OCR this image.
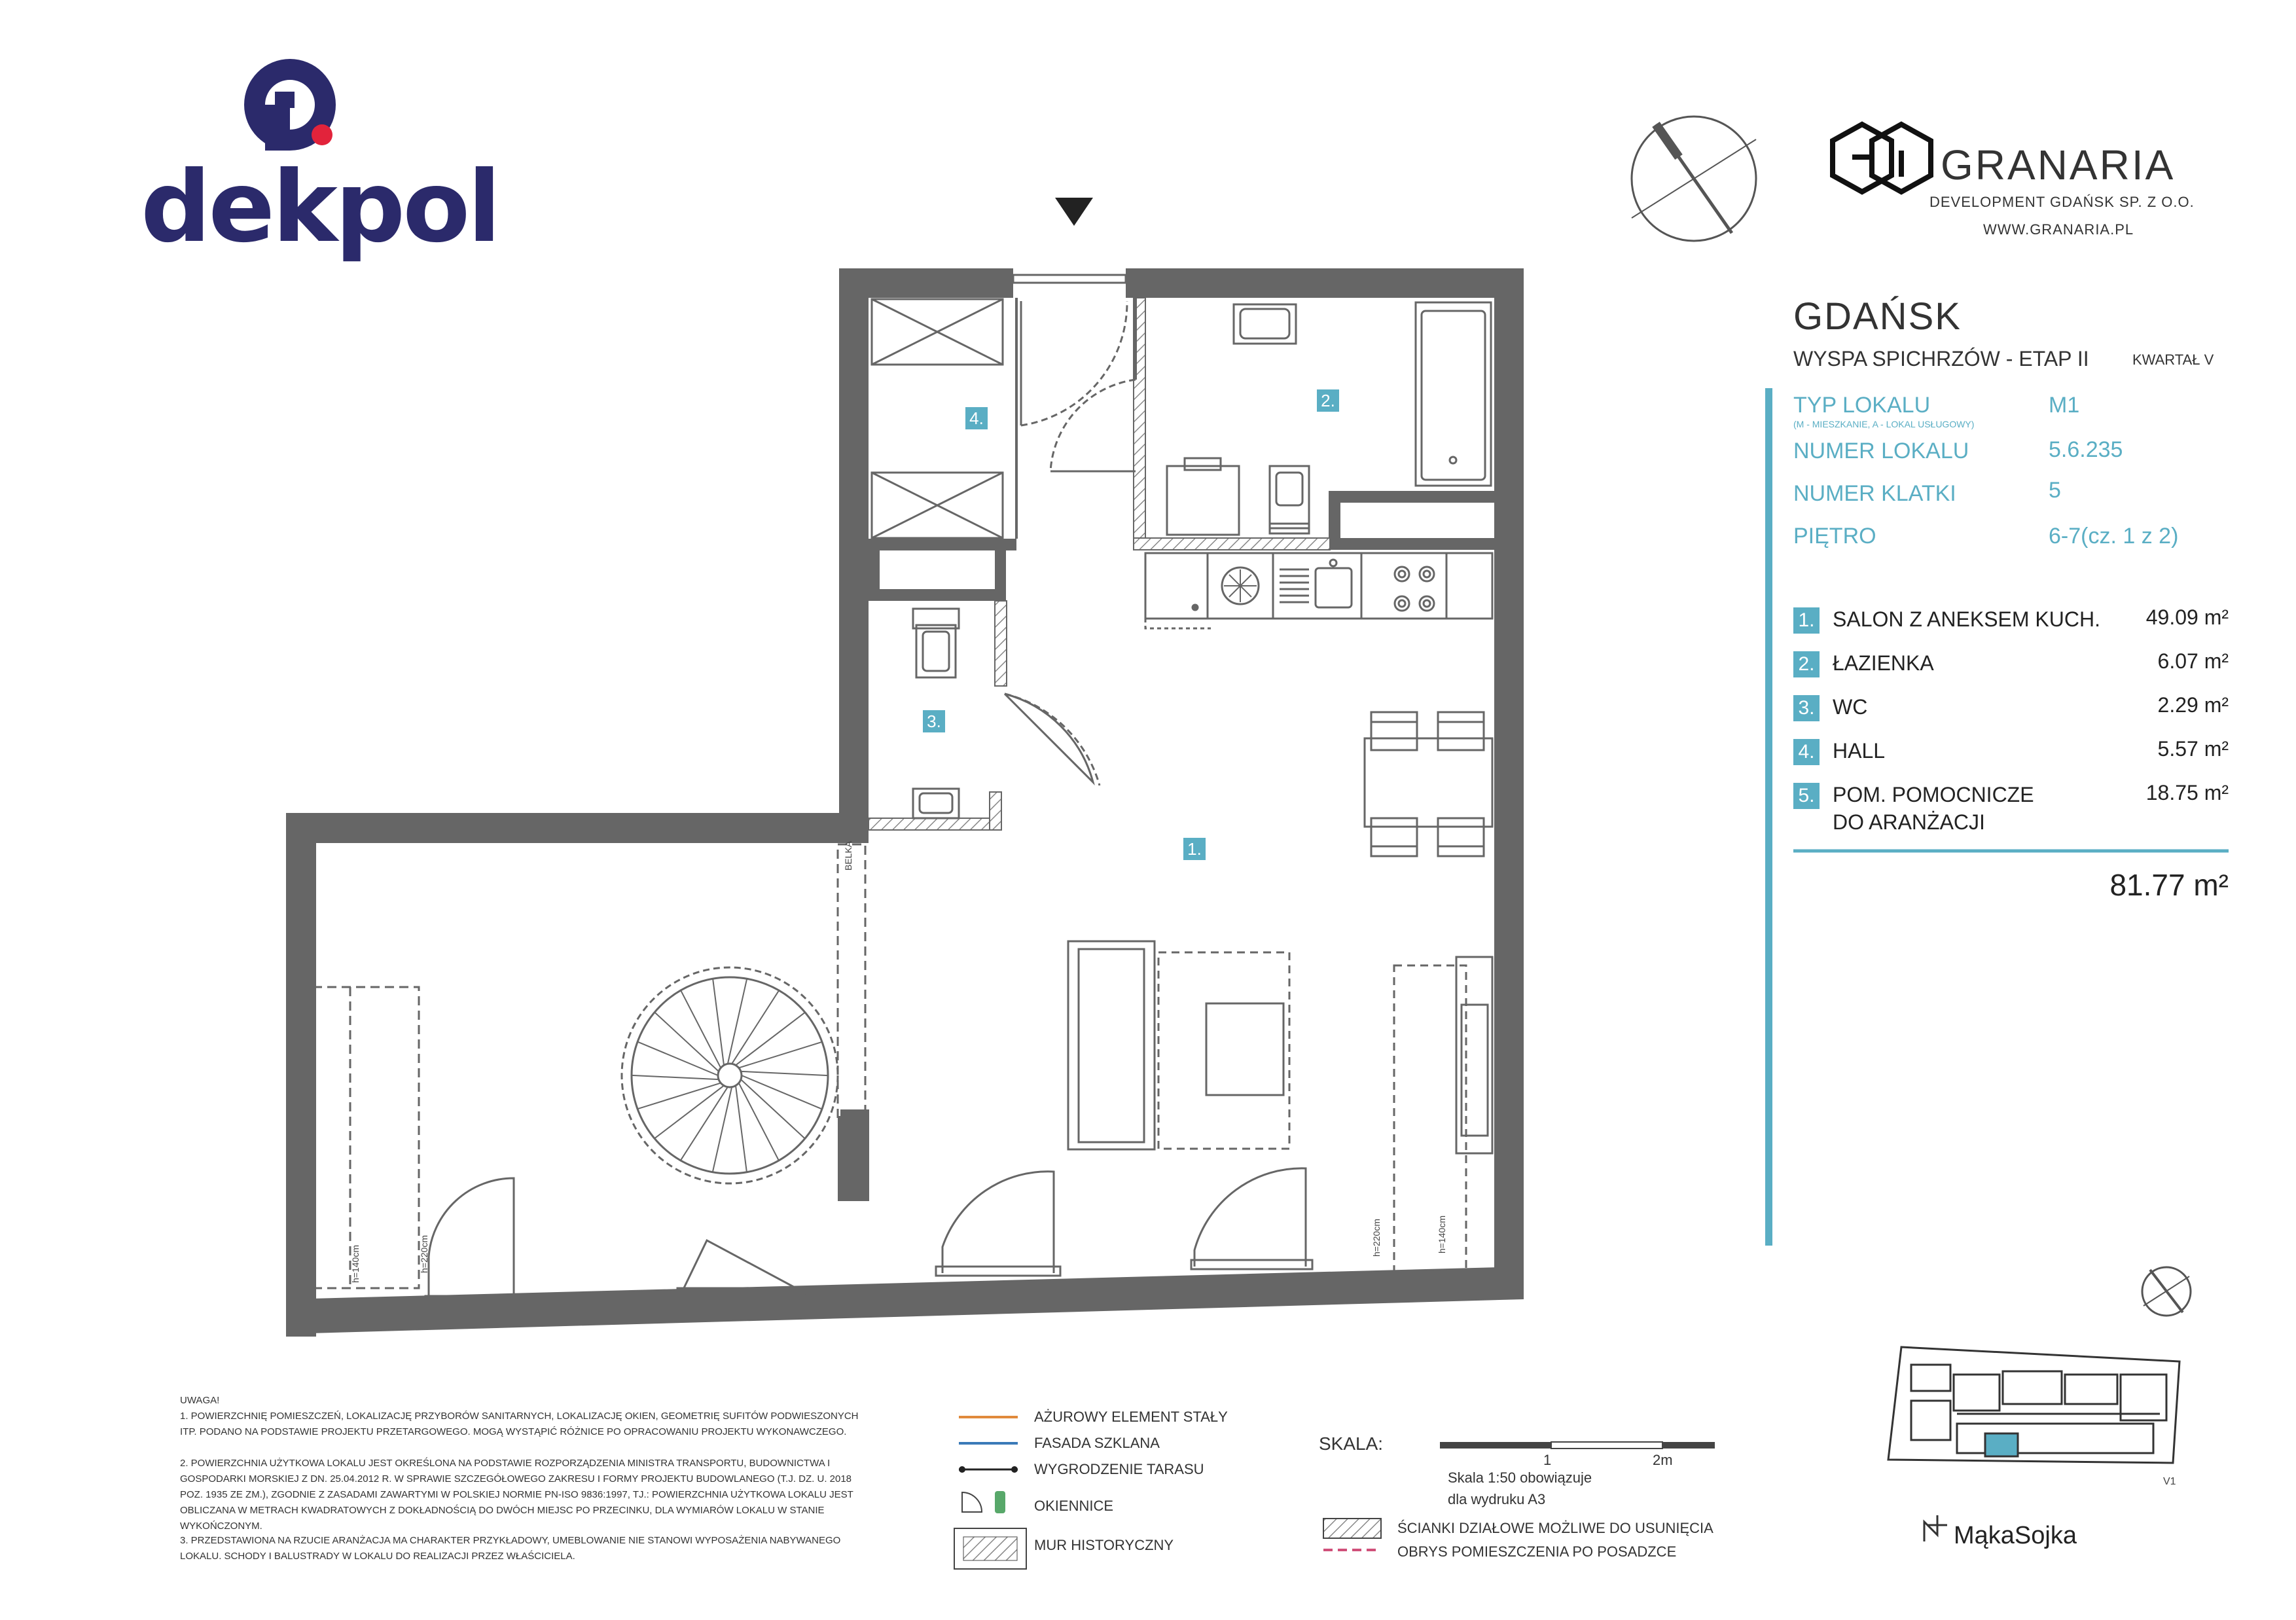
dekpol	GRANARIA
DEVELOPMENT GDAŃSK SP. Z O.O.
WWW.GRANARIA.PL
GDAŃSK
WYSPA SPICHRZÓW - ETAP II	KWARTAŁ V
TYP LOKALU
(M - MIESZKANIE, A - LOKAL USŁUGOWY)
M1
NUMER LOKALU	5.6.235
NUMER KLATKI	5
PIĘTRO	6-7(cz. 1 z 2)
1. SALON Z ANEKSEM KUCH.	49.09 m²
2. ŁAZIENKA	6.07 m²
3. WC	2.29 m²
4. HALL	5.57 m²
5. POM. POMOCNICZE
DO ARANŻACJI
18.75 m²
81.77 m²
2.
4.
3.
1.
BELKA
h=140cm	h=220cm	h=220cm	h=140cm
UWAGA!
1. POWIERZCHNIĘ POMIESZCZEŃ, LOKALIZACJĘ PRZYBORÓW SANITARNYCH, LOKALIZACJĘ OKIEN, GEOMETRIĘ SUFITÓW PODWIESZONYCH ITP. PODANO NA PODSTAWIE PROJEKTU PRZETARGOWEGO. MOGĄ WYSTĄPIĆ RÓŻNICE PO OPRACOWANIU PROJEKTU WYKONAWCZEGO.
2. POWIERZCHNIA UŻYTKOWA LOKALU JEST OKREŚLONA NA PODSTAWIE ROZPORZĄDZENIA MINISTRA TRANSPORTU, BUDOWNICTWA I GOSPODARKI MORSKIEJ Z DN. 25.04.2012 R. W SPRAWIE SZCZEGÓŁOWEGO ZAKRESU I FORMY PROJEKTU BUDOWLANEGO (T.J. DZ. U. 2018 POZ. 1935 ZE ZM.), ZGODNIE Z ZASADAMI ZAWARTYMI W POLSKIEJ NORMIE PN-ISO 9836:1997, TJ.: POWIERZCHNIA UŻYTKOWA LOKALU JEST OBLICZANA W METRACH KWADRATOWYCH Z DOKŁADNOŚCIĄ DO DWÓCH MIEJSC PO PRZECINKU, DLA WYMIARÓW LOKALU W STANIE WYKOŃCZONYM.
3. PRZEDSTAWIONA NA RZUCIE ARANŻACJA MA CHARAKTER PRZYKŁADOWY, UMEBLOWANIE NIE STANOWI WYPOSAŻENIA NABYWANEGO LOKALU. SCHODY I BALUSTRADY W LOKALU DO REALIZACJI PRZEZ WŁAŚCICIELA.
AŻUROWY ELEMENT STAŁY
FASADA SZKLANA
WYGRODZENIE TARASU
OKIENNICE
MUR HISTORYCZNY
ŚCIANKI DZIAŁOWE MOŻLIWE DO USUNIĘCIA
OBRYS POMIESZCZENIA PO POSADZCE
SKALA:
1	2m
Skala 1:50 obowiązuje
dla wydruku A3
V1
MąkaSojka
